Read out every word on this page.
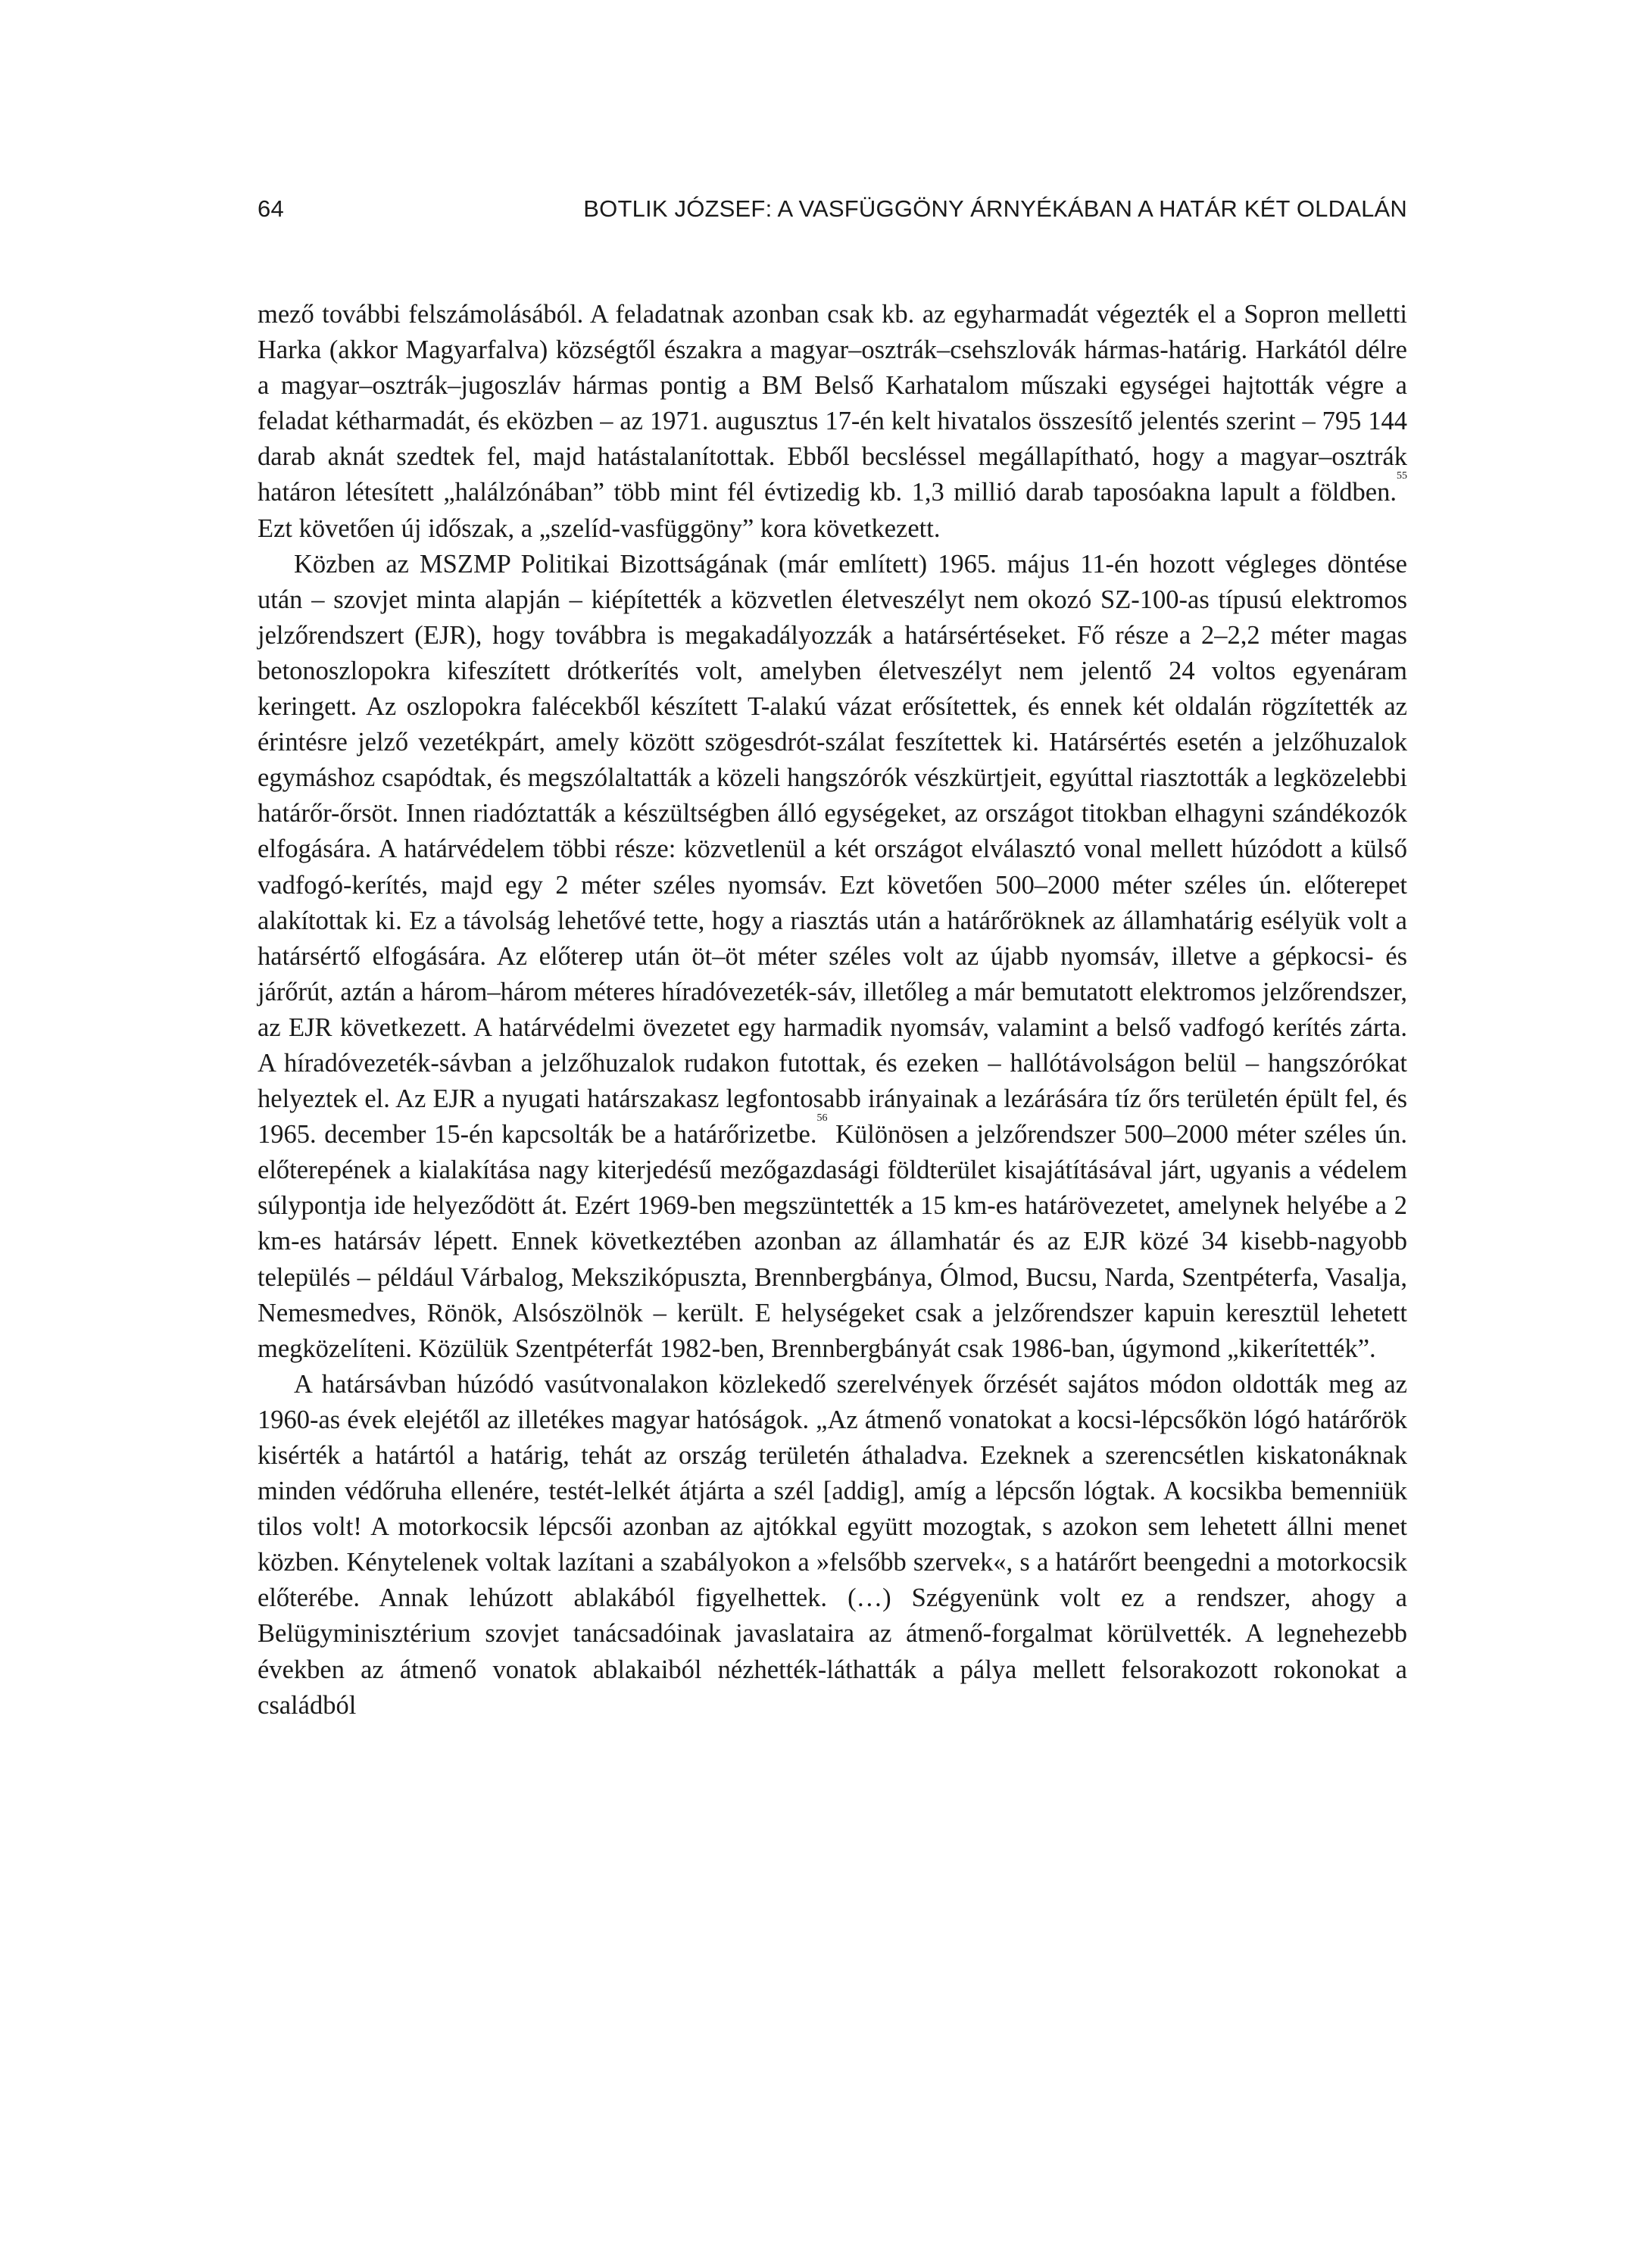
64	BOTLIK JÓZSEF: A VASFÜGGÖNY ÁRNYÉKÁBAN A HATÁR KÉT OLDALÁN

mező további felszámolásából. A feladatnak azonban csak kb. az egyharmadát végezték el a Sopron melletti Harka (akkor Magyarfalva) községtől északra a magyar–osztrák–csehszlovák hármas-határig. Harkától délre a magyar–osztrák–jugoszláv hármas pontig a BM Belső Karhatalom műszaki egységei hajtották végre a feladat kétharmadát, és eközben – az 1971. augusztus 17-én kelt hivatalos összesítő jelentés szerint – 795 144 darab aknát szedtek fel, majd hatástalanítottak. Ebből becsléssel megállapítható, hogy a magyar–osztrák határon létesített „halálzónában” több mint fél évtizedig kb. 1,3 millió darab taposóakna lapult a földben.$^{55}$ Ezt követően új időszak, a „szelíd-vasfüggöny” kora következett.

Közben az MSZMP Politikai Bizottságának (már említett) 1965. május 11-én hozott végleges döntése után – szovjet minta alapján – kiépítették a közvetlen életveszélyt nem okozó SZ-100-as típusú elektromos jelzőrendszert (EJR), hogy továbbra is megakadályozzák a határsértéseket. Fő része a 2–2,2 méter magas betonoszlopokra kifeszített drótkerítés volt, amelyben életveszélyt nem jelentő 24 voltos egyenáram keringett. Az oszlopokra falécekből készített T-alakú vázat erősítettek, és ennek két oldalán rögzítették az érintésre jelző vezetékpárt, amely között szögesdrót-szálat feszítettek ki. Határsértés esetén a jelzőhuzalok egymáshoz csapódtak, és megszólaltatták a közeli hangszórók vészkürtjeit, egyúttal riasztották a legközelebbi határőr-őrsöt. Innen riadóztatták a készültségben álló egységeket, az országot titokban elhagyni szándékozók elfogására. A határvédelem többi része: közvetlenül a két országot elválasztó vonal mellett húzódott a külső vadfogó-kerítés, majd egy 2 méter széles nyomsáv. Ezt követően 500–2000 méter széles ún. előterepet alakítottak ki. Ez a távolság lehetővé tette, hogy a riasztás után a határőröknek az államhatárig esélyük volt a határsértő elfogására. Az előterep után öt–öt méter széles volt az újabb nyomsáv, illetve a gépkocsi- és járőrút, aztán a három–három méteres híradóvezeték-sáv, illetőleg a már bemutatott elektromos jelzőrendszer, az EJR következett. A határvédelmi övezetet egy harmadik nyomsáv, valamint a belső vadfogó kerítés zárta. A híradóvezeték-sávban a jelzőhuzalok rudakon futottak, és ezeken – hallótávolságon belül – hangszórókat helyeztek el. Az EJR a nyugati határszakasz legfontosabb irányainak a lezárására tíz őrs területén épült fel, és 1965. december 15-én kapcsolták be a határőrizetbe.$^{56}$ Különösen a jelzőrendszer 500–2000 méter széles ún. előterepének a kialakítása nagy kiterjedésű mezőgazdasági földterület kisajátításával járt, ugyanis a védelem súlypontja ide helyeződött át. Ezért 1969-ben megszüntették a 15 km-es határövezetet, amelynek helyébe a 2 km-es határsáv lépett. Ennek következtében azonban az államhatár és az EJR közé 34 kisebb-nagyobb település – például Várbalog, Mekszikópuszta, Brennbergbánya, Ólmod, Bucsu, Narda, Szentpéterfa, Vasalja, Nemesmedves, Rönök, Alsószölnök – került. E helységeket csak a jelzőrendszer kapuin keresztül lehetett megközelíteni. Közülük Szentpéterfát 1982-ben, Brennbergbányát csak 1986-ban, úgymond „kikerítették”.

A határsávban húzódó vasútvonalakon közlekedő szerelvények őrzését sajátos módon oldották meg az 1960-as évek elejétől az illetékes magyar hatóságok. „Az átmenő vonatokat a kocsi-lépcsőkön lógó határőrök kisérték a határtól a határig, tehát az ország területén áthaladva. Ezeknek a szerencsétlen kiskatonáknak minden védőruha ellenére, testét-lelkét átjárta a szél [addig], amíg a lépcsőn lógtak. A kocsikba bemenniük tilos volt! A motorkocsik lépcsői azonban az ajtókkal együtt mozogtak, s azokon sem lehetett állni menet közben. Kénytelenek voltak lazítani a szabályokon a »felsőbb szervek«, s a határőrt beengedni a motorkocsik előterébe. Annak lehúzott ablakából figyelhettek. (…) Szégyenünk volt ez a rendszer, ahogy a Belügyminisztérium szovjet tanácsadóinak javaslataira az átmenő-forgalmat körülvették. A legnehezebb években az átmenő vonatok ablakaiból nézhették-láthatták a pálya mellett felsorakozott rokonokat a családból
